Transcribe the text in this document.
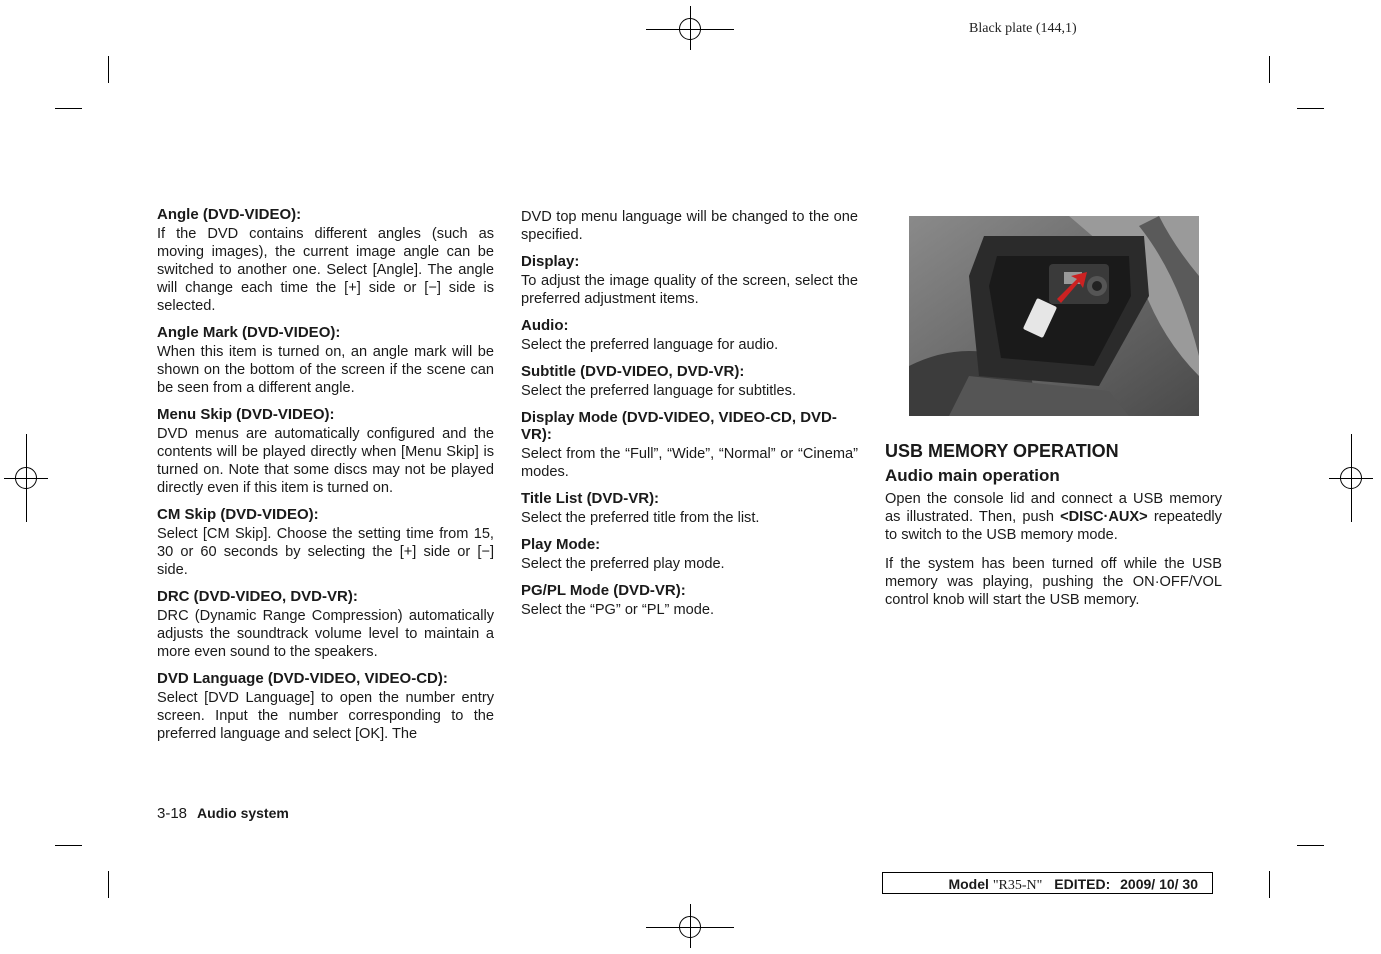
Black plate (144,1)
Angle (DVD-VIDEO):
If the DVD contains different angles (such as moving images), the current image angle can be switched to another one. Select [Angle]. The angle will change each time the [+] side or [−] side is selected.
Angle Mark (DVD-VIDEO):
When this item is turned on, an angle mark will be shown on the bottom of the screen if the scene can be seen from a different angle.
Menu Skip (DVD-VIDEO):
DVD menus are automatically configured and the contents will be played directly when [Menu Skip] is turned on. Note that some discs may not be played directly even if this item is turned on.
CM Skip (DVD-VIDEO):
Select [CM Skip]. Choose the setting time from 15, 30 or 60 seconds by selecting the [+] side or [−] side.
DRC (DVD-VIDEO, DVD-VR):
DRC (Dynamic Range Compression) automatically adjusts the soundtrack volume level to maintain a more even sound to the speakers.
DVD Language (DVD-VIDEO, VIDEO-CD):
Select [DVD Language] to open the number entry screen. Input the number corresponding to the preferred language and select [OK]. The
DVD top menu language will be changed to the one specified.
Display:
To adjust the image quality of the screen, select the preferred adjustment items.
Audio:
Select the preferred language for audio.
Subtitle (DVD-VIDEO, DVD-VR):
Select the preferred language for subtitles.
Display Mode (DVD-VIDEO, VIDEO-CD, DVD-VR):
Select from the “Full”, “Wide”, “Normal” or “Cinema” modes.
Title List (DVD-VR):
Select the preferred title from the list.
Play Mode:
Select the preferred play mode.
PG/PL Mode (DVD-VR):
Select the “PG” or “PL” mode.
USB MEMORY OPERATION
Audio main operation
Open the console lid and connect a USB memory as illustrated. Then, push <DISC·AUX> repeatedly to switch to the USB memory mode.
If the system has been turned off while the USB memory was playing, pushing the ON·OFF/VOL control knob will start the USB memory.
3-18 Audio system
Model "R35-N" EDITED: 2009/ 10/ 30
